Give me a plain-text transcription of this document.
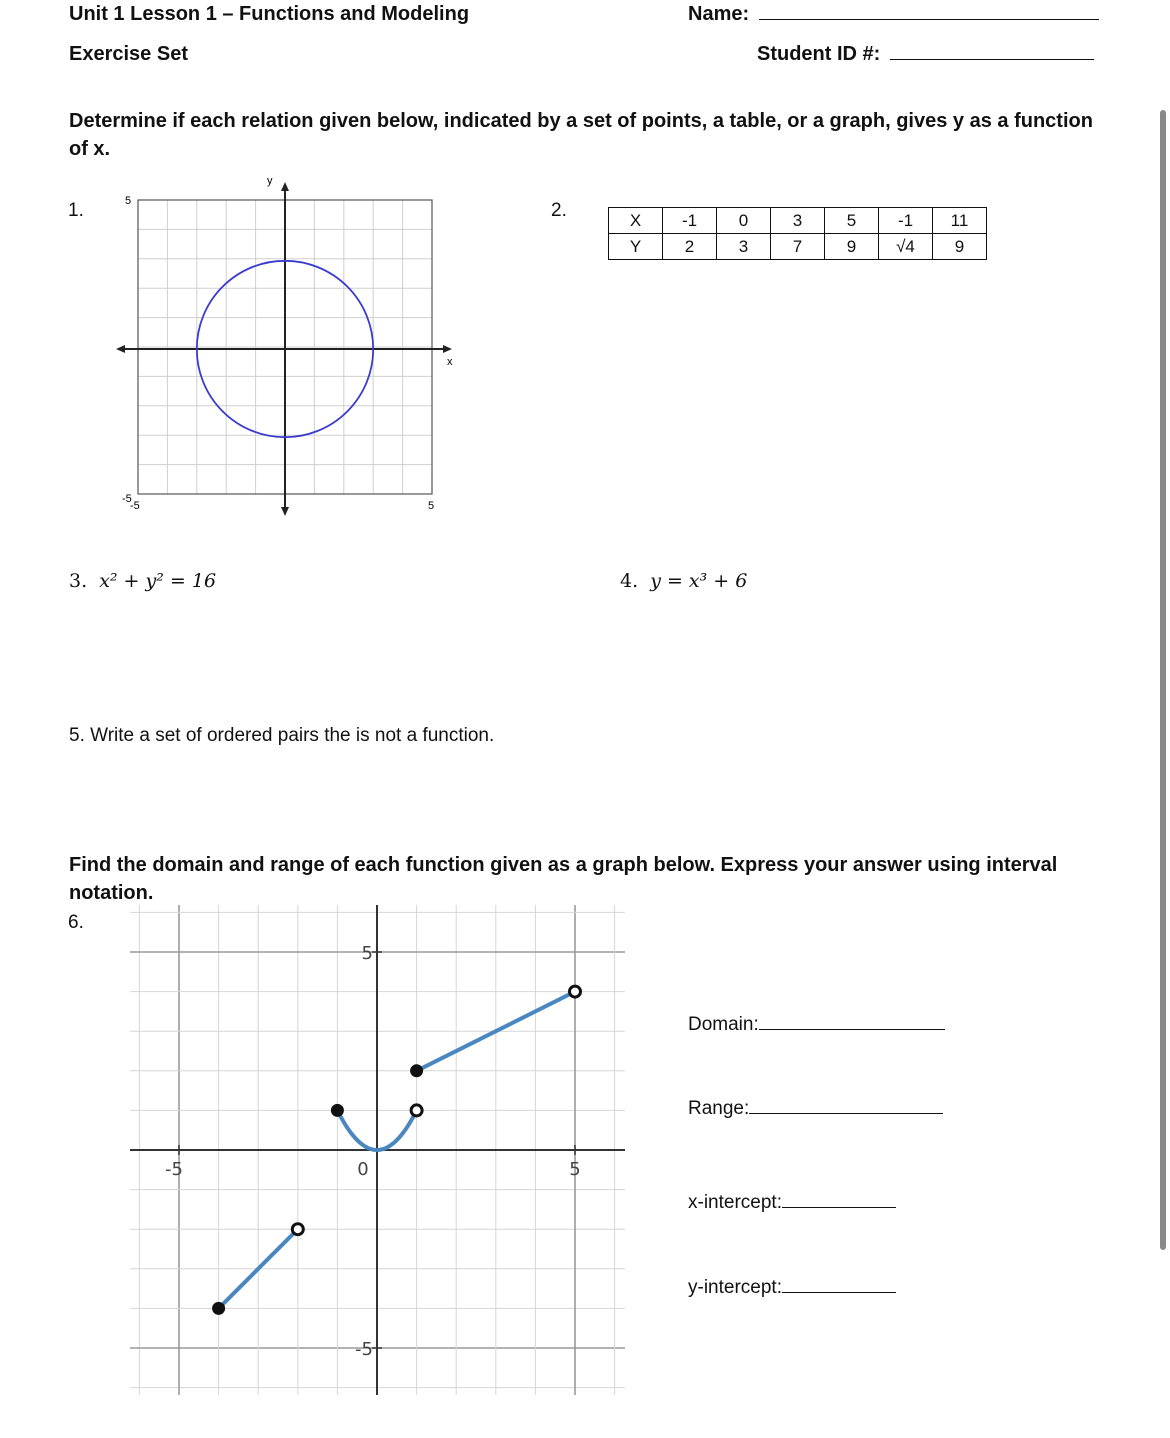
Unit 1 Lesson 1 – Functions and Modeling
Exercise Set
Name:
Student ID #:
Determine if each relation given below, indicated by a set of points, a table, or a graph, gives y as a function
of x.
1.
y
x
5
-5
-5	5
2.	X	-1	0	3	5	-1	11
Y	2	3	7	9	√4	9
3. x² + y² = 16	4. y = x³ + 6
5. Write a set of ordered pairs the is not a function.
Find the domain and range of each function given as a graph below. Express your answer using interval
notation.
6.
-5	0	5
5
-5
Domain:
Range:
x-intercept:
y-intercept:
